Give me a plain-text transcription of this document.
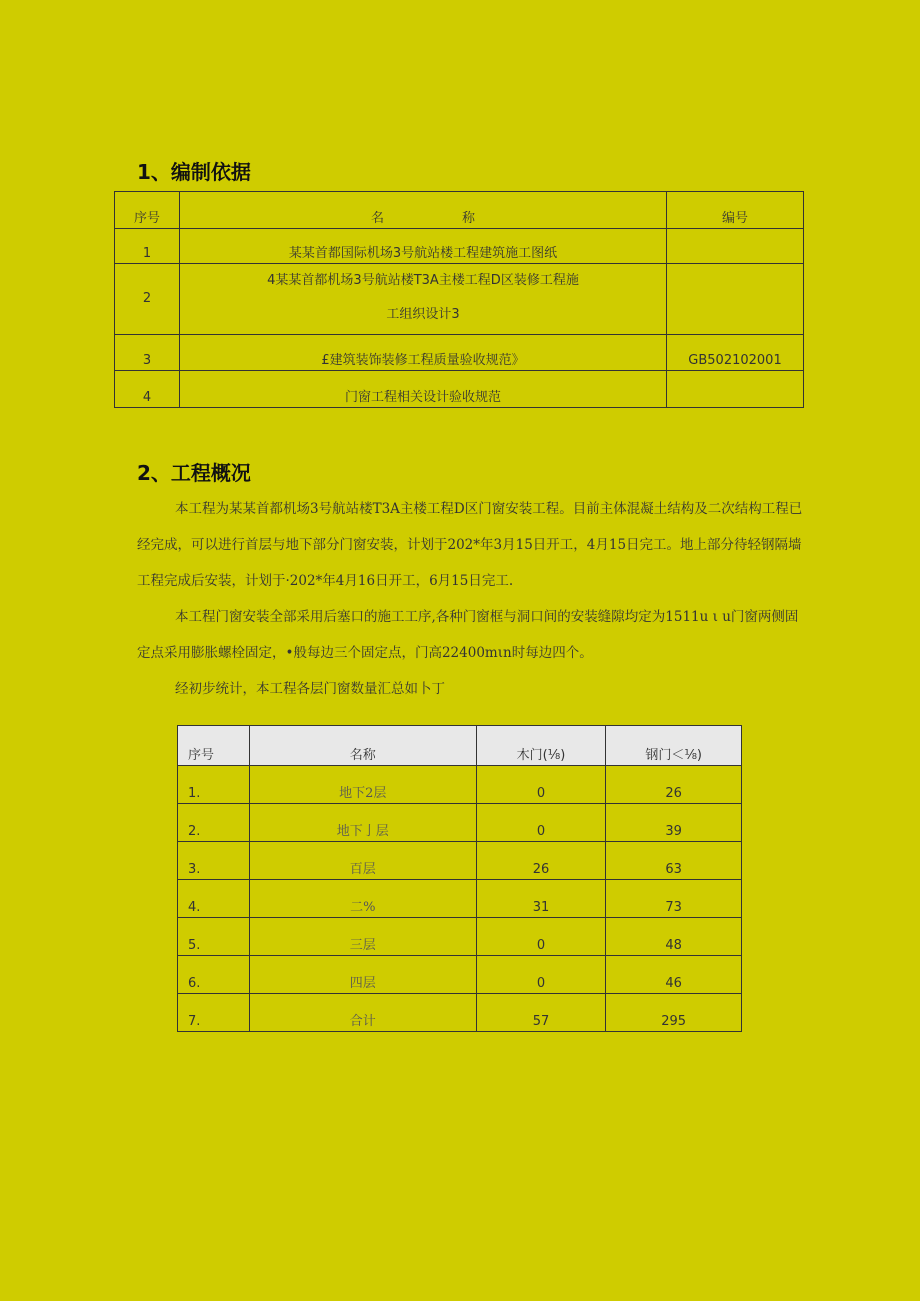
1、编制依据
序号	名　　　　　　称	编号
1	某某首都国际机场3号航站楼工程建筑施工图纸	
2	4某某首都机场3号航站楼T3A主楼工程D区装修工程施
工组织设计3	

3	£建筑装饰装修工程质量验收规范》	GB502102001
4	门窗工程相关设计验收规范	
2、工程概况

本工程为某某首都机场3号航站楼T3A主楼工程D区门窗安装工程。目前主体混凝土结构及二次结构工程已经完成，可以进行首层与地下部分门窗安装，计划于202*年3月15日开工，4月15日完工。地上部分待轻钢隔墙工程完成后安装，计划于·202*年4月16日开工，6月15日完工.

本工程门窗安装全部采用后塞口的施工工序,各种门窗框与洞口间的安装缝隙均定为1511u ι u门窗两侧固定点采用膨胀螺栓固定，•般每边三个固定点，门高22400mιn时每边四个。

经初步统计，本工程各层门窗数量汇总如卜丁

序号	名称	木门(⅛)	钢门＜⅛)
1.	地下2层	0	26
2.	地下亅层	0	39
3.	百层	26	63
4.	二%	31	73
5.	三层	0	48
6.	四层	0	46
7.	合计	57	295
